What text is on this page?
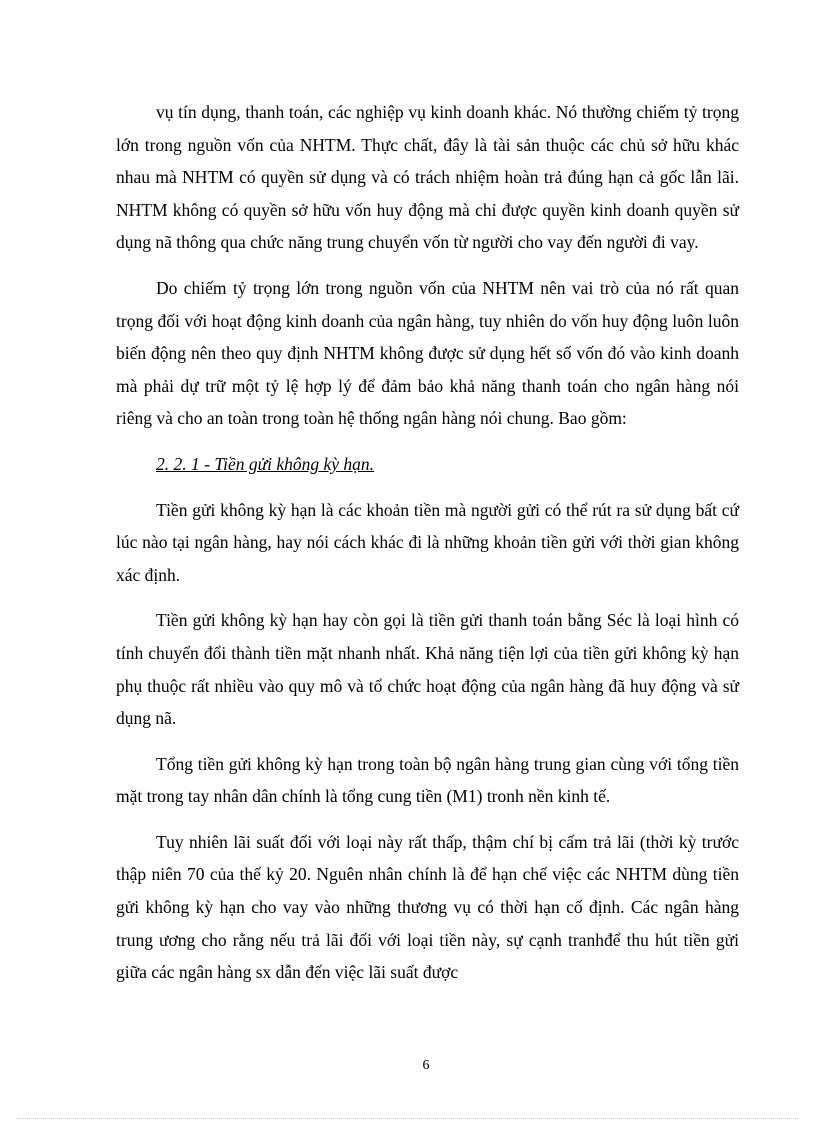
vụ tín dụng, thanh toán, các nghiệp vụ kinh doanh khác. Nó thường chiếm tỷ trọng lớn trong nguồn vốn của NHTM. Thực chất, đây là tài sản thuộc các chủ sở hữu khác nhau mà NHTM có quyền sử dụng và có trách nhiệm hoàn trả đúng hạn cả gốc lẫn lãi. NHTM không có quyền sở hữu vốn huy động mà chỉ được quyền kinh doanh quyền sử dụng nã thông qua chức năng trung chuyển vốn từ người cho vay đến người đi vay.

Do chiếm tỷ trọng lớn trong nguồn vốn của NHTM nên vai trò của nó rất quan trọng đối với hoạt động kinh doanh của ngân hàng, tuy nhiên do vốn huy động luôn luôn biến động nên theo quy định NHTM không được sử dụng hết số vốn đó vào kinh doanh mà phải dự trữ một tỷ lệ hợp lý để đảm bảo khả năng thanh toán cho ngân hàng nói riêng và cho an toàn trong toàn hệ thống ngân hàng nói chung. Bao gồm:

2. 2. 1 - Tiền gửi không kỳ hạn.

Tiền gửi không kỳ hạn là các khoản tiền mà người gửi có thể rút ra sử dụng bất cứ lúc nào tại ngân hàng, hay nói cách khác đi là những khoản tiền gửi với thời gian không xác định.

Tiền gửi không kỳ hạn hay còn gọi là tiền gửi thanh toán bằng Séc là loại hình có tính chuyển đổi thành tiền mặt nhanh nhất. Khả năng tiện lợi của tiền gửi không kỳ hạn phụ thuộc rất nhiều vào quy mô và tổ chức hoạt động của ngân hàng đã huy động và sử dụng nã.

Tổng tiền gửi không kỳ hạn trong toàn bộ ngân hàng trung gian cùng với tổng tiền mặt trong tay nhân dân chính là tổng cung tiền (M1) tronh nền kinh tế.

Tuy nhiên lãi suất đối với loại này rất thấp, thậm chí bị cấm trả lãi (thời kỳ trước thập niên 70 của thế kỷ 20. Nguên nhân chính là để hạn chế việc các NHTM dùng tiền gửi không kỳ hạn cho vay vào những thương vụ có thời hạn cố định. Các ngân hàng trung ương cho rằng nếu trả lãi đối với loại tiền này, sự cạnh tranhđể thu hút tiền gửi giữa các ngân hàng sx dẫn đến việc lãi suất được

6
